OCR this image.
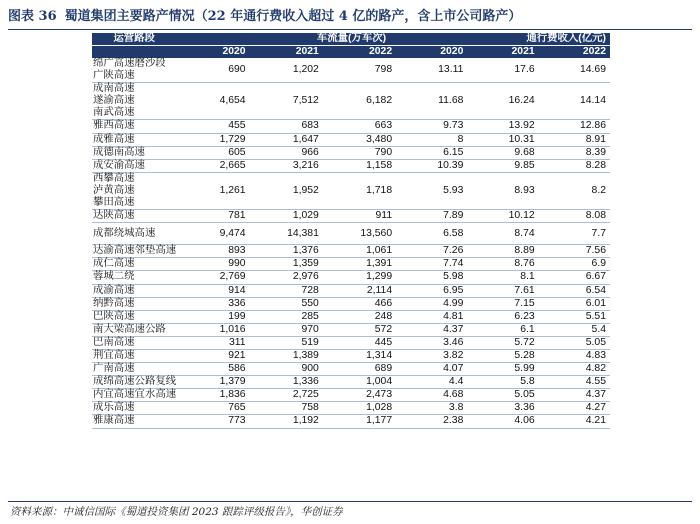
图表 36 蜀道集团主要路产情况（22 年通行费收入超过 4 亿的路产，含上市公司路产）
运营路段	车流量(万车次)			通行费收入(亿元)		
	2020	2021	2022	2020	2021	2022

绵广高速磨沙段
广陕高速	690	1,202	798	13.11	17.6	14.69

成南高速
遂渝高速
南武高速	4,654	7,512	6,182	11.68	16.24	14.14

雅西高速	455	683	663	9.73	13.92	12.86

成雅高速	1,729	1,647	3,480	8	10.31	8.91

成德南高速	605	966	790	6.15	9.68	8.39

成安渝高速	2,665	3,216	1,158	10.39	9.85	8.28

西攀高速
泸黄高速
攀田高速	1,261	1,952	1,718	5.93	8.93	8.2

达陕高速	781	1,029	911	7.89	10.12	8.08

成都绕城高速	9,474	14,381	13,560	6.58	8.74	7.7

达渝高速邻垫高速	893	1,376	1,061	7.26	8.89	7.56

成仁高速	990	1,359	1,391	7.74	8.76	6.9

蓉城二绕	2,769	2,976	1,299	5.98	8.1	6.67

成渝高速	914	728	2,114	6.95	7.61	6.54

纳黔高速	336	550	466	4.99	7.15	6.01

巴陕高速	199	285	248	4.81	6.23	5.51

南大梁高速公路	1,016	970	572	4.37	6.1	5.4

巴南高速	311	519	445	3.46	5.72	5.05

荆宜高速	921	1,389	1,314	3.82	5.28	4.83

广南高速	586	900	689	4.07	5.99	4.82

成绵高速公路复线	1,379	1,336	1,004	4.4	5.8	4.55

内宜高速宜水高速	1,836	2,725	2,473	4.68	5.05	4.37

成乐高速	765	758	1,028	3.8	3.36	4.27

雅康高速	773	1,192	1,177	2.38	4.06	4.21
资料来源：中诚信国际《蜀道投资集团 2023 跟踪评级报告》，华创证券
